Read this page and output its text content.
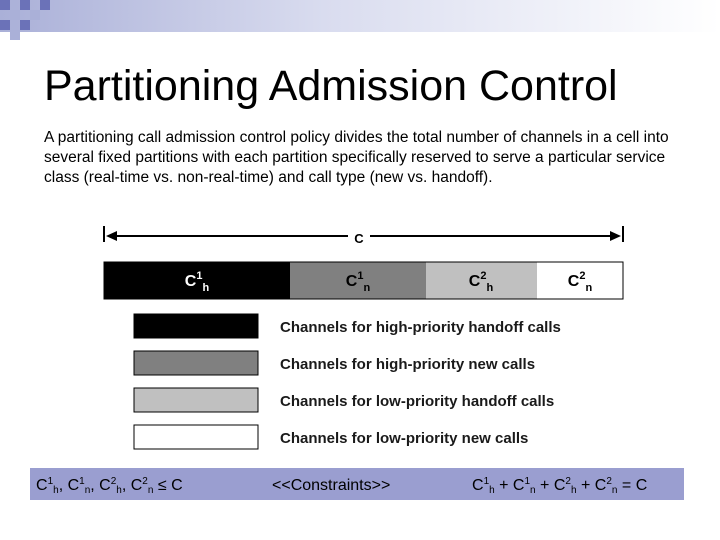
Partitioning Admission Control

A partitioning call admission control policy divides the total number of channels in a cell into several fixed partitions with each partition specifically reserved to serve a particular service class (real-time vs. non-real-time) and call type (new vs. handoff).

C
$C^1_h$	$C^1_n$	$C^2_h$	$C^2_n$
Channels for high-priority handoff calls
Channels for high-priority new calls
Channels for low-priority handoff calls
Channels for low-priority new calls
$C^1_h$, $C^1_n$, $C^2_h$, $C^2_n \le C$	<<Constraints>>	$C^1_h + C^1_n + C^2_h + C^2_n = C$
